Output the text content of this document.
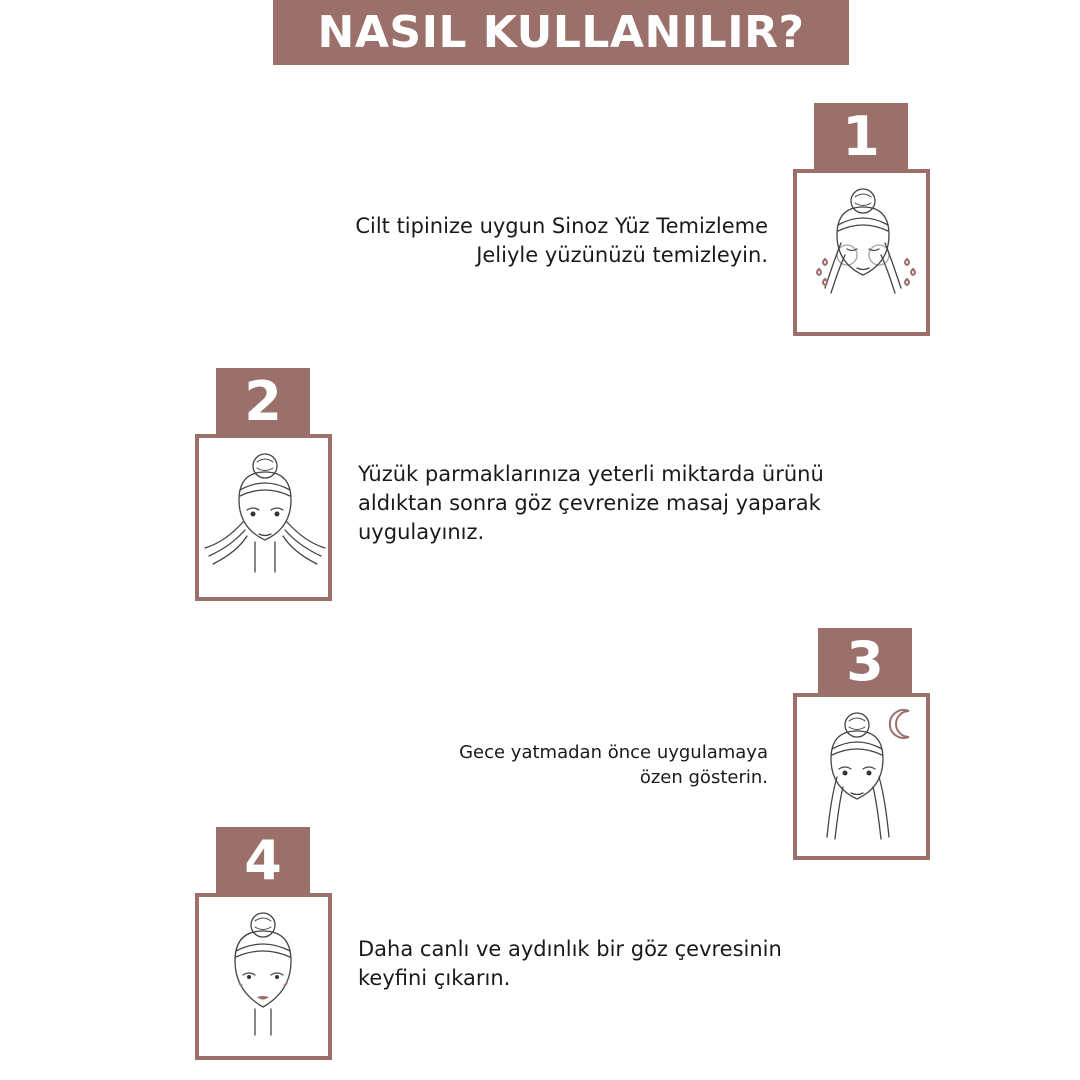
NASIL KULLANILIR?
1
Cilt tipinize uygun Sinoz Yüz Temizleme
Jeliyle yüzünüzü temizleyin.
2
Yüzük parmaklarınıza yeterli miktarda ürünü
aldıktan sonra göz çevrenize masaj yaparak
uygulayınız.
3
Gece yatmadan önce uygulamaya
özen gösterin.
4
Daha canlı ve aydınlık bir göz çevresinin
keyfini çıkarın.
